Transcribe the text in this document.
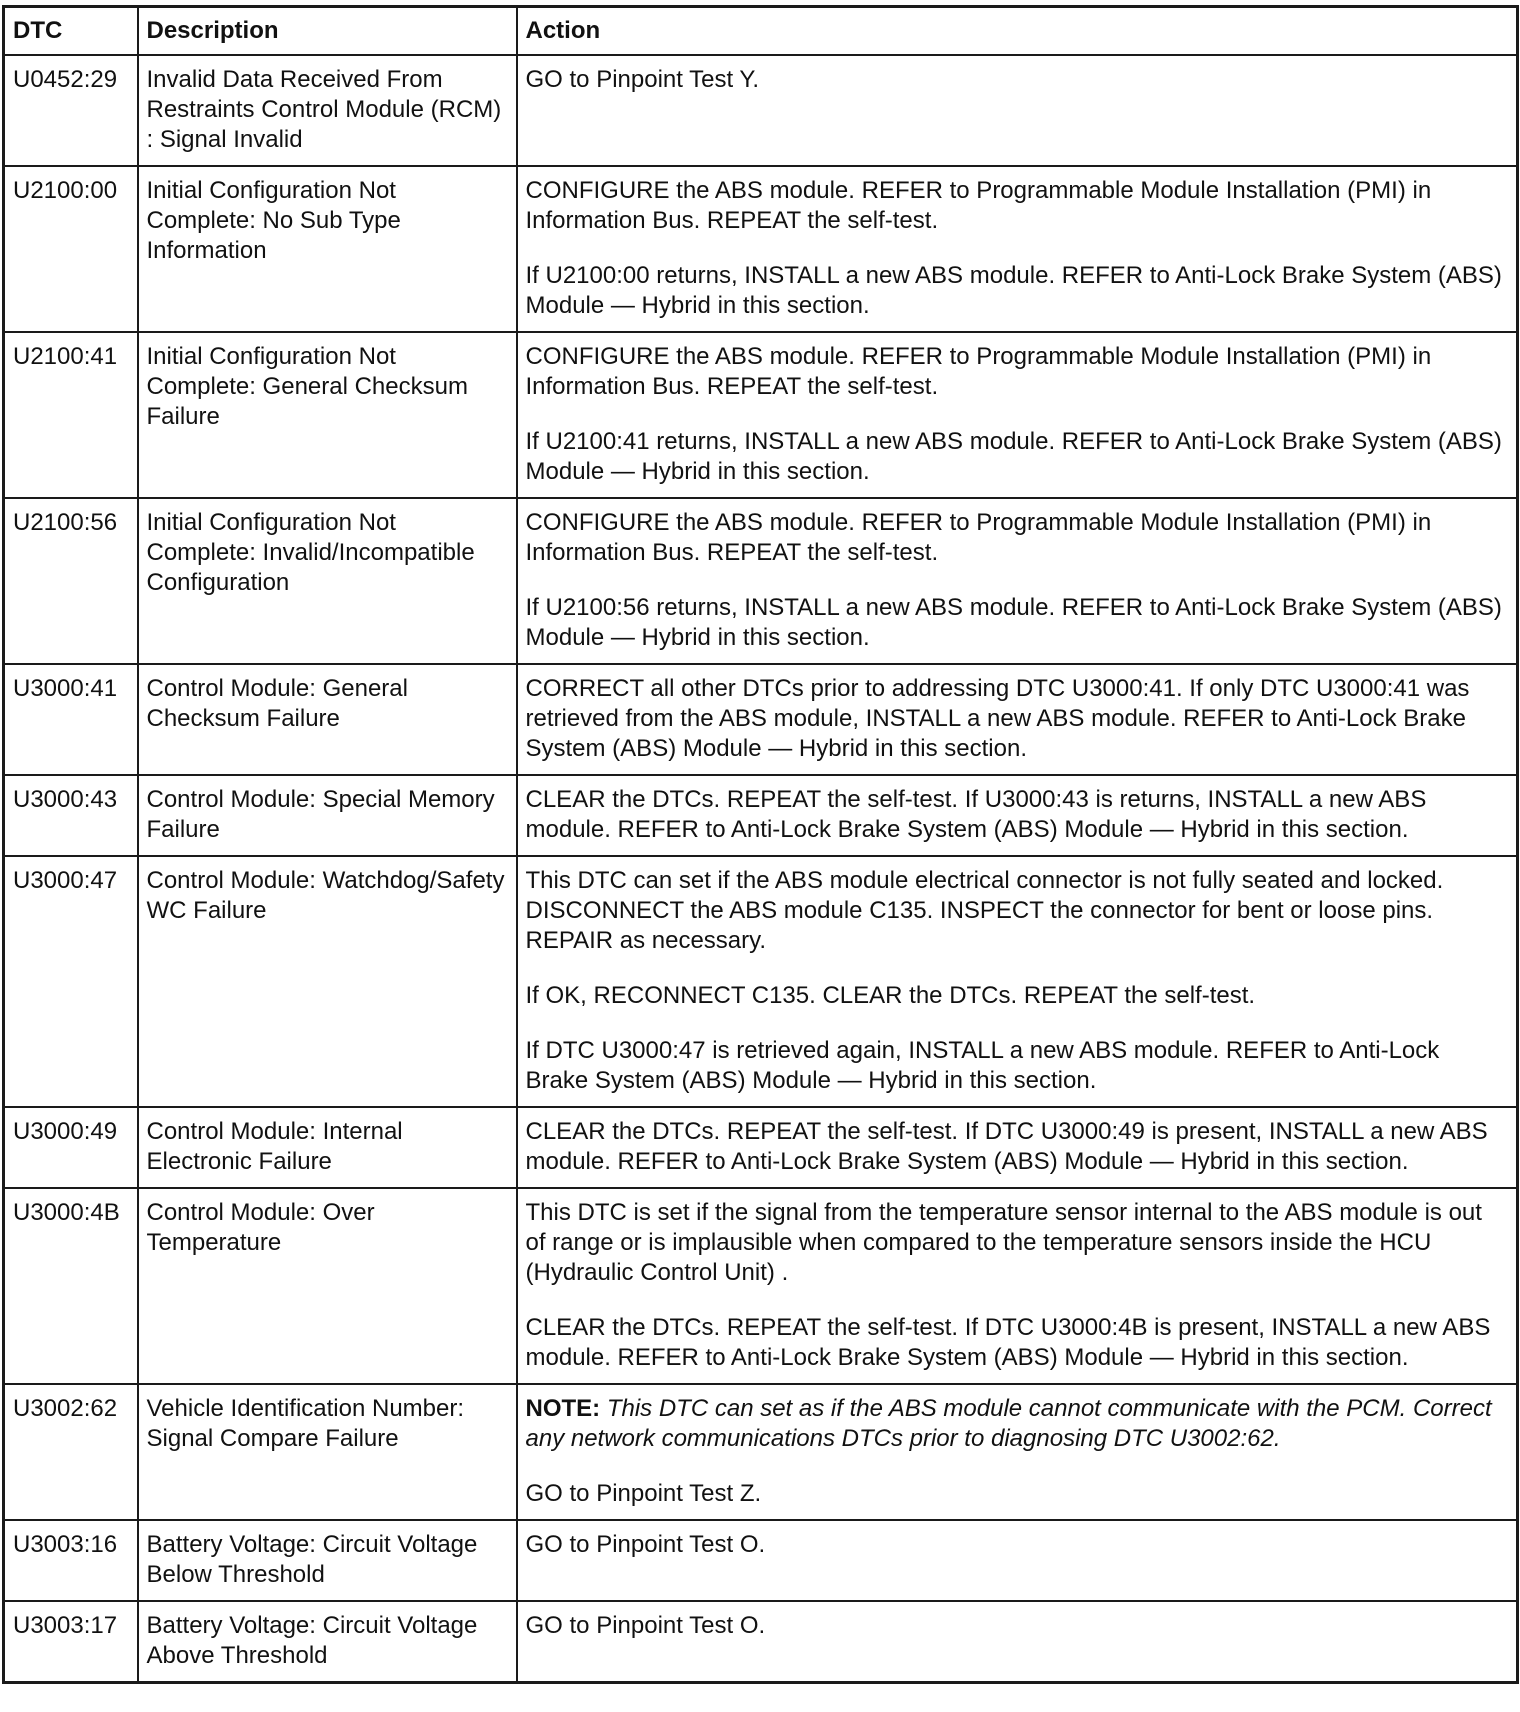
DTC	Description	Action
U0452:29	Invalid Data Received From Restraints Control Module (RCM) : Signal Invalid	GO to Pinpoint Test Y.

U2100:00	Initial Configuration Not Complete: No Sub Type Information	CONFIGURE the ABS module. REFER to Programmable Module Installation (PMI) in Information Bus. REPEAT the self-test.

If U2100:00 returns, INSTALL a new ABS module. REFER to Anti-Lock Brake System (ABS) Module — Hybrid in this section.

U2100:41	Initial Configuration Not Complete: General Checksum Failure	CONFIGURE the ABS module. REFER to Programmable Module Installation (PMI) in Information Bus. REPEAT the self-test.

If U2100:41 returns, INSTALL a new ABS module. REFER to Anti-Lock Brake System (ABS) Module — Hybrid in this section.

U2100:56	Initial Configuration Not Complete: Invalid/Incompatible Configuration	CONFIGURE the ABS module. REFER to Programmable Module Installation (PMI) in Information Bus. REPEAT the self-test.

If U2100:56 returns, INSTALL a new ABS module. REFER to Anti-Lock Brake System (ABS) Module — Hybrid in this section.

U3000:41	Control Module: General Checksum Failure	CORRECT all other DTCs prior to addressing DTC U3000:41. If only DTC U3000:41 was retrieved from the ABS module, INSTALL a new ABS module. REFER to Anti-Lock Brake System (ABS) Module — Hybrid in this section.

U3000:43	Control Module: Special Memory Failure	CLEAR the DTCs. REPEAT the self-test. If U3000:43 is returns, INSTALL a new ABS module. REFER to Anti-Lock Brake System (ABS) Module — Hybrid in this section.

U3000:47	Control Module: Watchdog/Safety WC Failure	This DTC can set if the ABS module electrical connector is not fully seated and locked. DISCONNECT the ABS module C135. INSPECT the connector for bent or loose pins. REPAIR as necessary.

If OK, RECONNECT C135. CLEAR the DTCs. REPEAT the self-test.

If DTC U3000:47 is retrieved again, INSTALL a new ABS module. REFER to Anti-Lock Brake System (ABS) Module — Hybrid in this section.

U3000:49	Control Module: Internal Electronic Failure	CLEAR the DTCs. REPEAT the self-test. If DTC U3000:49 is present, INSTALL a new ABS module. REFER to Anti-Lock Brake System (ABS) Module — Hybrid in this section.

U3000:4B	Control Module: Over Temperature	This DTC is set if the signal from the temperature sensor internal to the ABS module is out of range or is implausible when compared to the temperature sensors inside the HCU (Hydraulic Control Unit) .

CLEAR the DTCs. REPEAT the self-test. If DTC U3000:4B is present, INSTALL a new ABS module. REFER to Anti-Lock Brake System (ABS) Module — Hybrid in this section.

U3002:62	Vehicle Identification Number: Signal Compare Failure	NOTE: This DTC can set as if the ABS module cannot communicate with the PCM. Correct any network communications DTCs prior to diagnosing DTC U3002:62.

GO to Pinpoint Test Z.

U3003:16	Battery Voltage: Circuit Voltage Below Threshold	GO to Pinpoint Test O.

U3003:17	Battery Voltage: Circuit Voltage Above Threshold	GO to Pinpoint Test O.
